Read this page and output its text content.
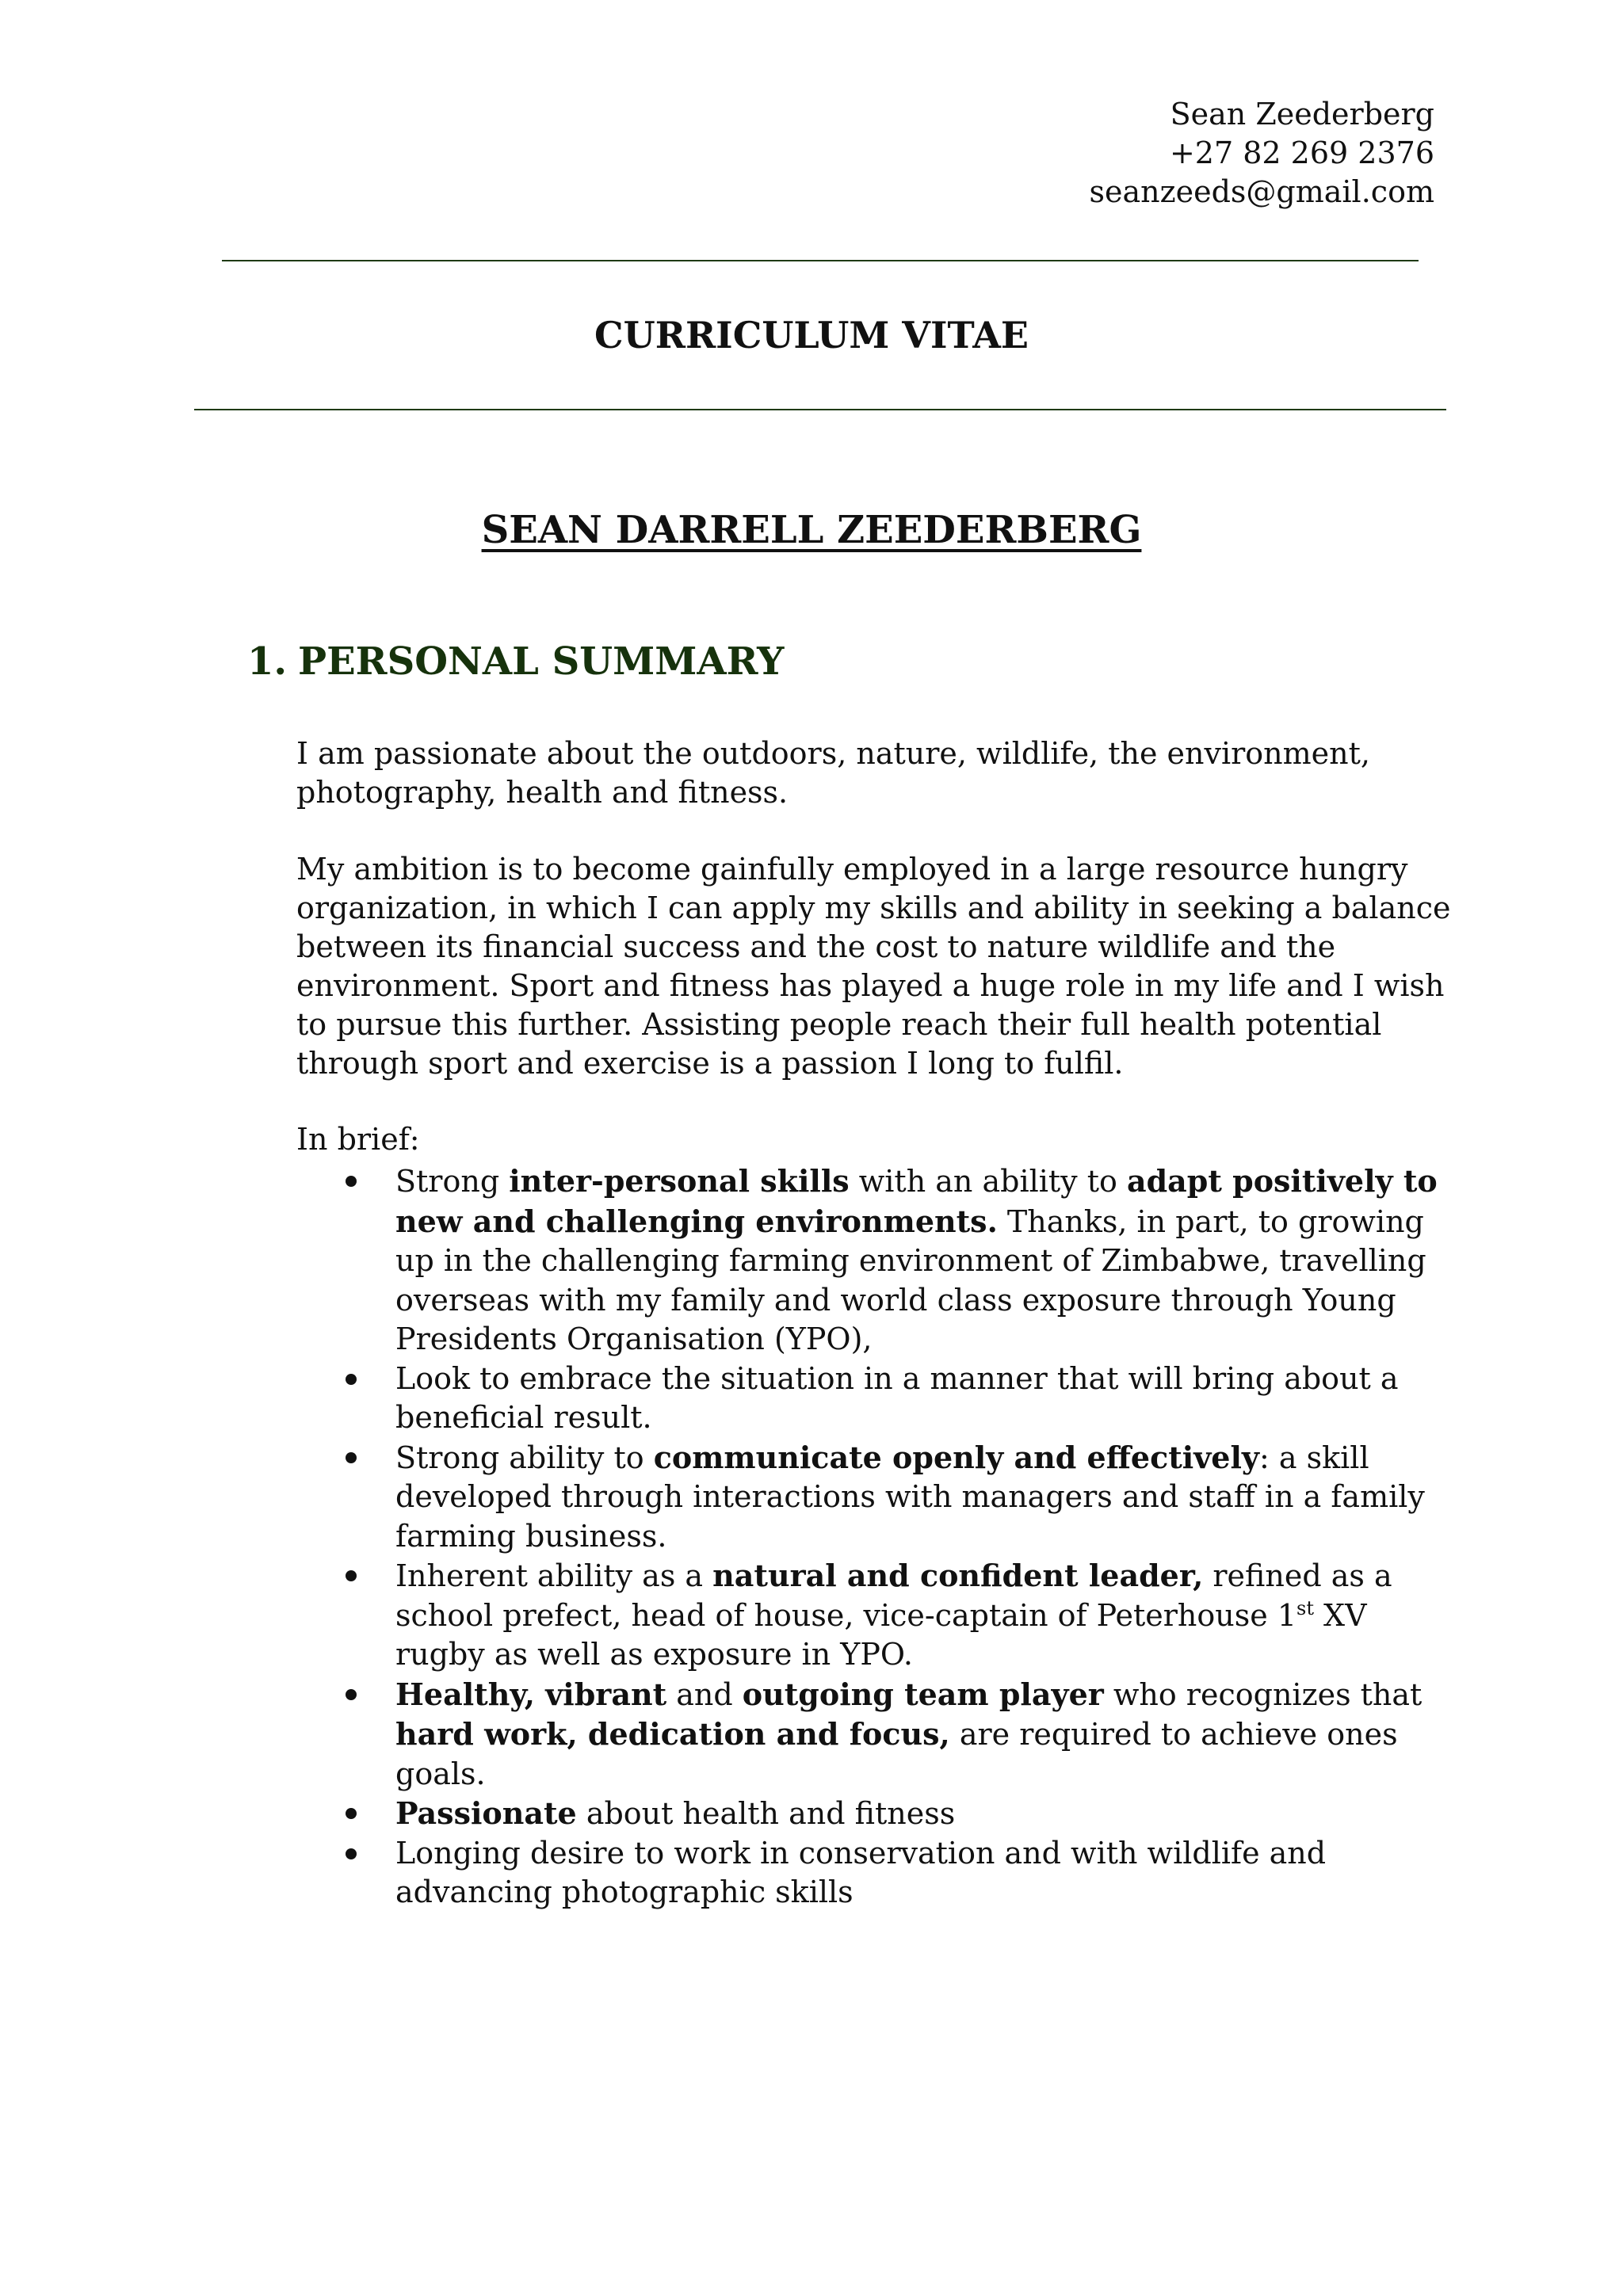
Sean Zeederberg
+27 82 269 2376
seanzeeds@gmail.com
CURRICULUM VITAE
SEAN DARRELL ZEEDERBERG
1. PERSONAL SUMMARY
I am passionate about the outdoors, nature, wildlife, the environment, photography, health and fitness.
My ambition is to become gainfully employed in a large resource hungry organization, in which I can apply my skills and ability in seeking a balance between its financial success and the cost to nature wildlife and the environment. Sport and fitness has played a huge role in my life and I wish to pursue this further. Assisting people reach their full health potential through sport and exercise is a passion I long to fulfil.
In brief:
Strong inter-personal skills with an ability to adapt positively to new and challenging environments. Thanks, in part, to growing up in the challenging farming environment of Zimbabwe, travelling overseas with my family and world class exposure through Young Presidents Organisation (YPO),
Look to embrace the situation in a manner that will bring about a beneficial result.
Strong ability to communicate openly and effectively: a skill developed through interactions with managers and staff in a family farming business.
Inherent ability as a natural and confident leader, refined as a school prefect, head of house, vice-captain of Peterhouse 1st XV rugby as well as exposure in YPO.
Healthy, vibrant and outgoing team player who recognizes that hard work, dedication and focus, are required to achieve ones goals.
Passionate about health and fitness
Longing desire to work in conservation and with wildlife and advancing photographic skills
